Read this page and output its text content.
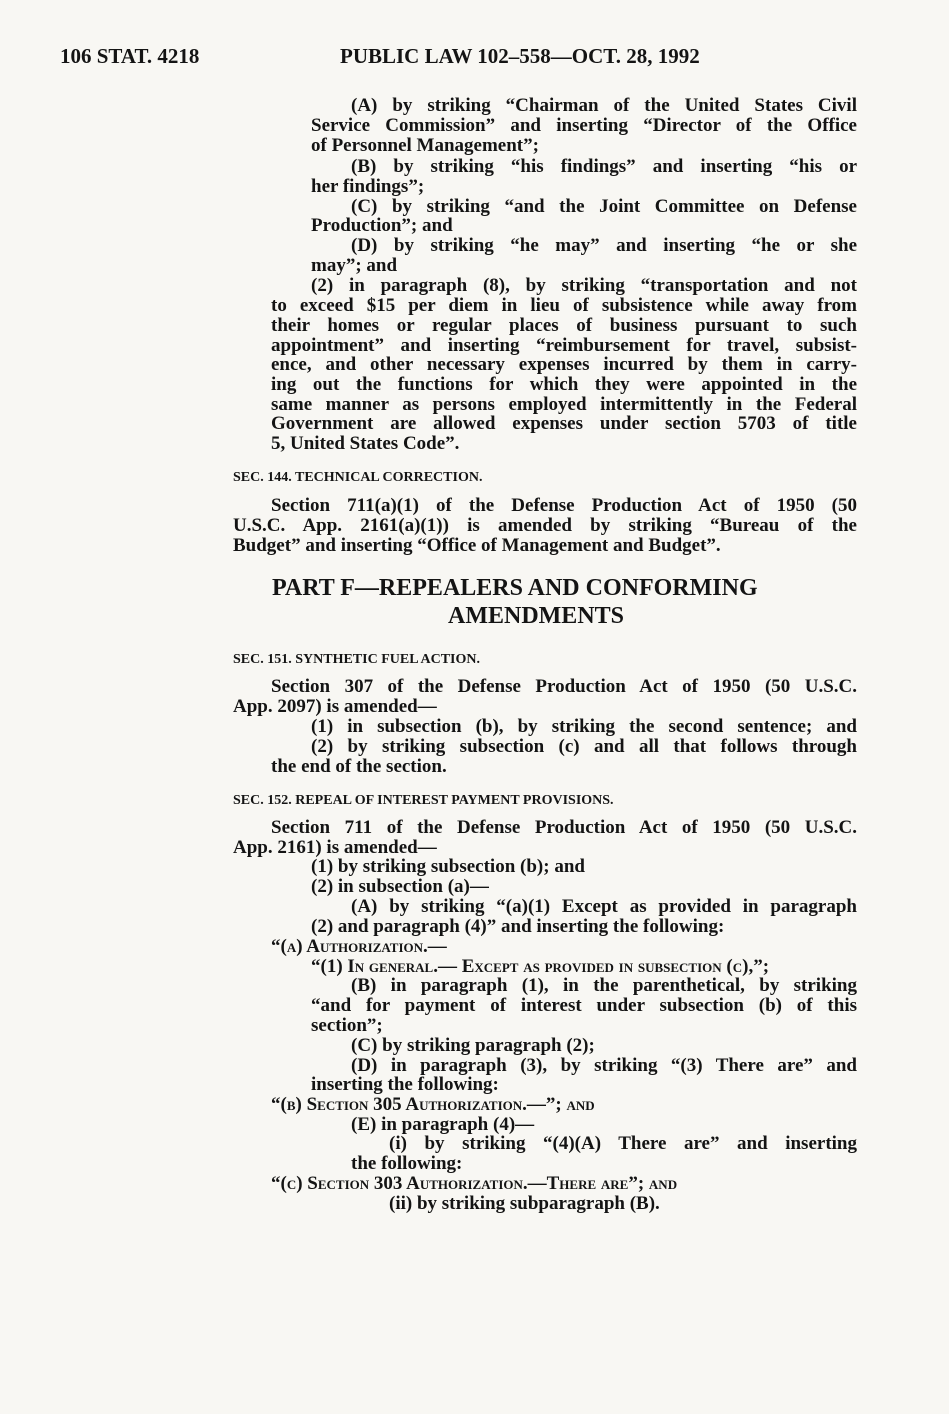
106 STAT. 4218	PUBLIC LAW 102–558—OCT. 28, 1992
(A) by striking “Chairman of the United States Civil
Service Commission” and inserting “Director of the Office
of Personnel Management”;
(B) by striking “his findings” and inserting “his or
her findings”;
(C) by striking “and the Joint Committee on Defense
Production”; and
(D) by striking “he may” and inserting “he or she
may”; and
(2) in paragraph (8), by striking “transportation and not
to exceed $15 per diem in lieu of subsistence while away from
their homes or regular places of business pursuant to such
appointment” and inserting “reimbursement for travel, subsist-
ence, and other necessary expenses incurred by them in carry-
ing out the functions for which they were appointed in the
same manner as persons employed intermittently in the Federal
Government are allowed expenses under section 5703 of title
5, United States Code”.
SEC. 144. TECHNICAL CORRECTION.
Section 711(a)(1) of the Defense Production Act of 1950 (50
U.S.C. App. 2161(a)(1)) is amended by striking “Bureau of the
Budget” and inserting “Office of Management and Budget”.
PART F—REPEALERS AND CONFORMING
AMENDMENTS
SEC. 151. SYNTHETIC FUEL ACTION.
Section 307 of the Defense Production Act of 1950 (50 U.S.C.
App. 2097) is amended—
(1) in subsection (b), by striking the second sentence; and
(2) by striking subsection (c) and all that follows through
the end of the section.
SEC. 152. REPEAL OF INTEREST PAYMENT PROVISIONS.
Section 711 of the Defense Production Act of 1950 (50 U.S.C.
App. 2161) is amended—
(1) by striking subsection (b); and
(2) in subsection (a)—
(A) by striking “(a)(1) Except as provided in paragraph
(2) and paragraph (4)” and inserting the following:
“(a) Authorization.—
“(1) In general.— Except as provided in subsection (c),”;
(B) in paragraph (1), in the parenthetical, by striking
“and for payment of interest under subsection (b) of this
section”;
(C) by striking paragraph (2);
(D) in paragraph (3), by striking “(3) There are” and
inserting the following:
“(b) Section 305 Authorization.—”; and
(E) in paragraph (4)—
(i) by striking “(4)(A) There are” and inserting
the following:
“(c) Section 303 Authorization.—There are”; and
(ii) by striking subparagraph (B).
